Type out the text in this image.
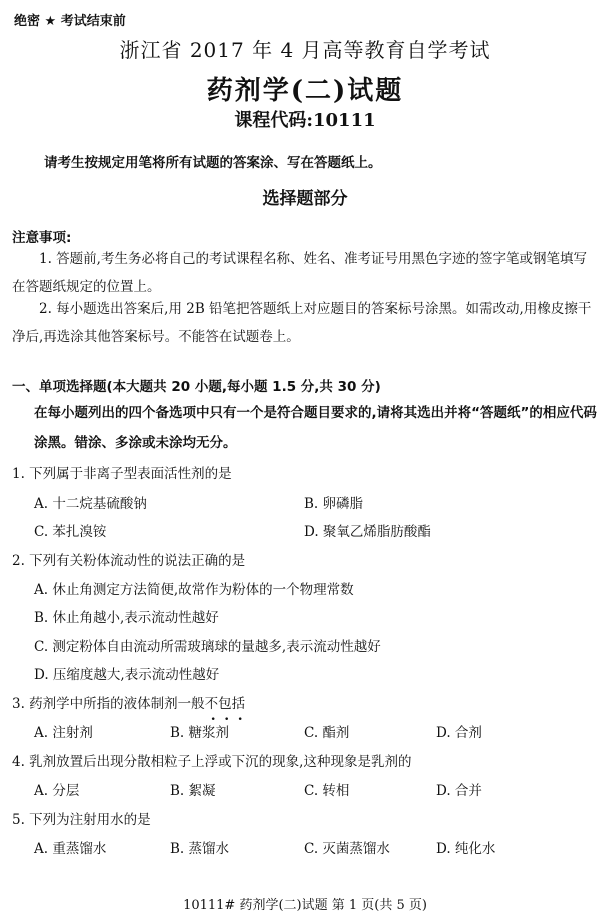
绝密 ★ 考试结束前
浙江省 2017 年 4 月高等教育自学考试
药剂学(二)试题
课程代码:10111
请考生按规定用笔将所有试题的答案涂、写在答题纸上。
选择题部分
注意事项:
1. 答题前,考生务必将自己的考试课程名称、姓名、准考证号用黑色字迹的签字笔或钢笔填写在答题纸规定的位置上。
2. 每小题选出答案后,用 2B 铅笔把答题纸上对应题目的答案标号涂黑。如需改动,用橡皮擦干净后,再选涂其他答案标号。不能答在试题卷上。
一、单项选择题(本大题共 20 小题,每小题 1.5 分,共 30 分)
在每小题列出的四个备选项中只有一个是符合题目要求的,请将其选出并将“答题纸”的相应代码涂黑。错涂、多涂或未涂均无分。
1. 下列属于非离子型表面活性剂的是
A. 十二烷基硫酸钠	B. 卵磷脂
C. 苯扎溴铵	D. 聚氧乙烯脂肪酸酯
2. 下列有关粉体流动性的说法正确的是
A. 休止角测定方法简便,故常作为粉体的一个物理常数
B. 休止角越小,表示流动性越好
C. 测定粉体自由流动所需玻璃球的量越多,表示流动性越好
D. 压缩度越大,表示流动性越好
3. 药剂学中所指的液体制剂一般不包括
A. 注射剂	B. 糖浆剂	C. 酯剂	D. 合剂
4. 乳剂放置后出现分散相粒子上浮或下沉的现象,这种现象是乳剂的
A. 分层	B. 絮凝	C. 转相	D. 合并
5. 下列为注射用水的是
A. 重蒸馏水	B. 蒸馏水	C. 灭菌蒸馏水	D. 纯化水
10111# 药剂学(二)试题 第 1 页(共 5 页)
